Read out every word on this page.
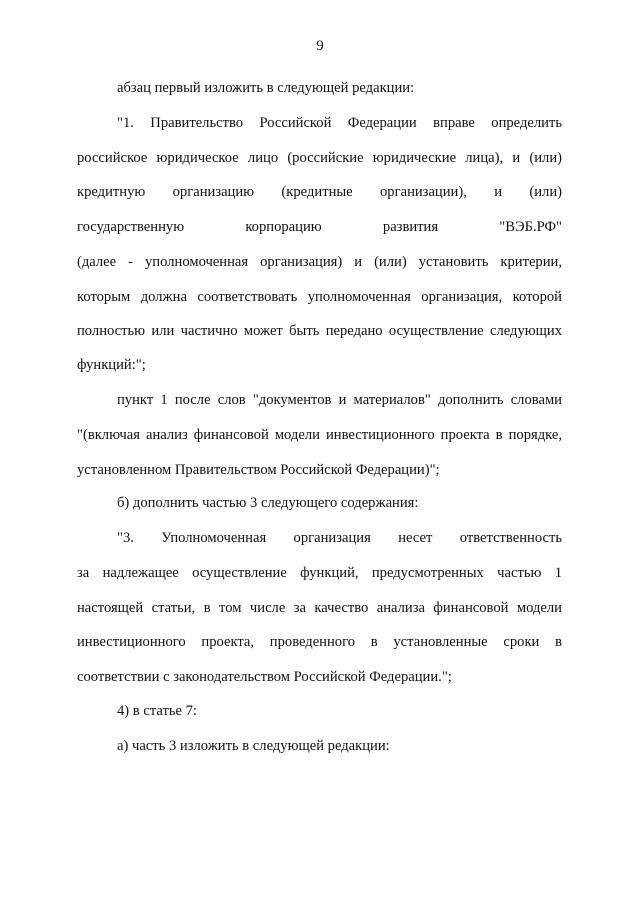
9
абзац первый изложить в следующей редакции:
"1. Правительство Российской Федерации вправе определить
российское юридическое лицо (российские юридические лица), и (или)
кредитную организацию (кредитные организации), и (или)
государственную корпорацию развития "ВЭБ.РФ"
(далее - уполномоченная организация) и (или) установить критерии,
которым должна соответствовать уполномоченная организация, которой
полностью или частично может быть передано осуществление следующих
функций:";
пункт 1 после слов "документов и материалов" дополнить словами
"(включая анализ финансовой модели инвестиционного проекта в порядке,
установленном Правительством Российской Федерации)";
б) дополнить частью 3 следующего содержания:
"3. Уполномоченная организация несет ответственность
за надлежащее осуществление функций, предусмотренных частью 1
настоящей статьи, в том числе за качество анализа финансовой модели
инвестиционного проекта, проведенного в установленные сроки в
соответствии с законодательством Российской Федерации.";
4) в статье 7:
а) часть 3 изложить в следующей редакции:
